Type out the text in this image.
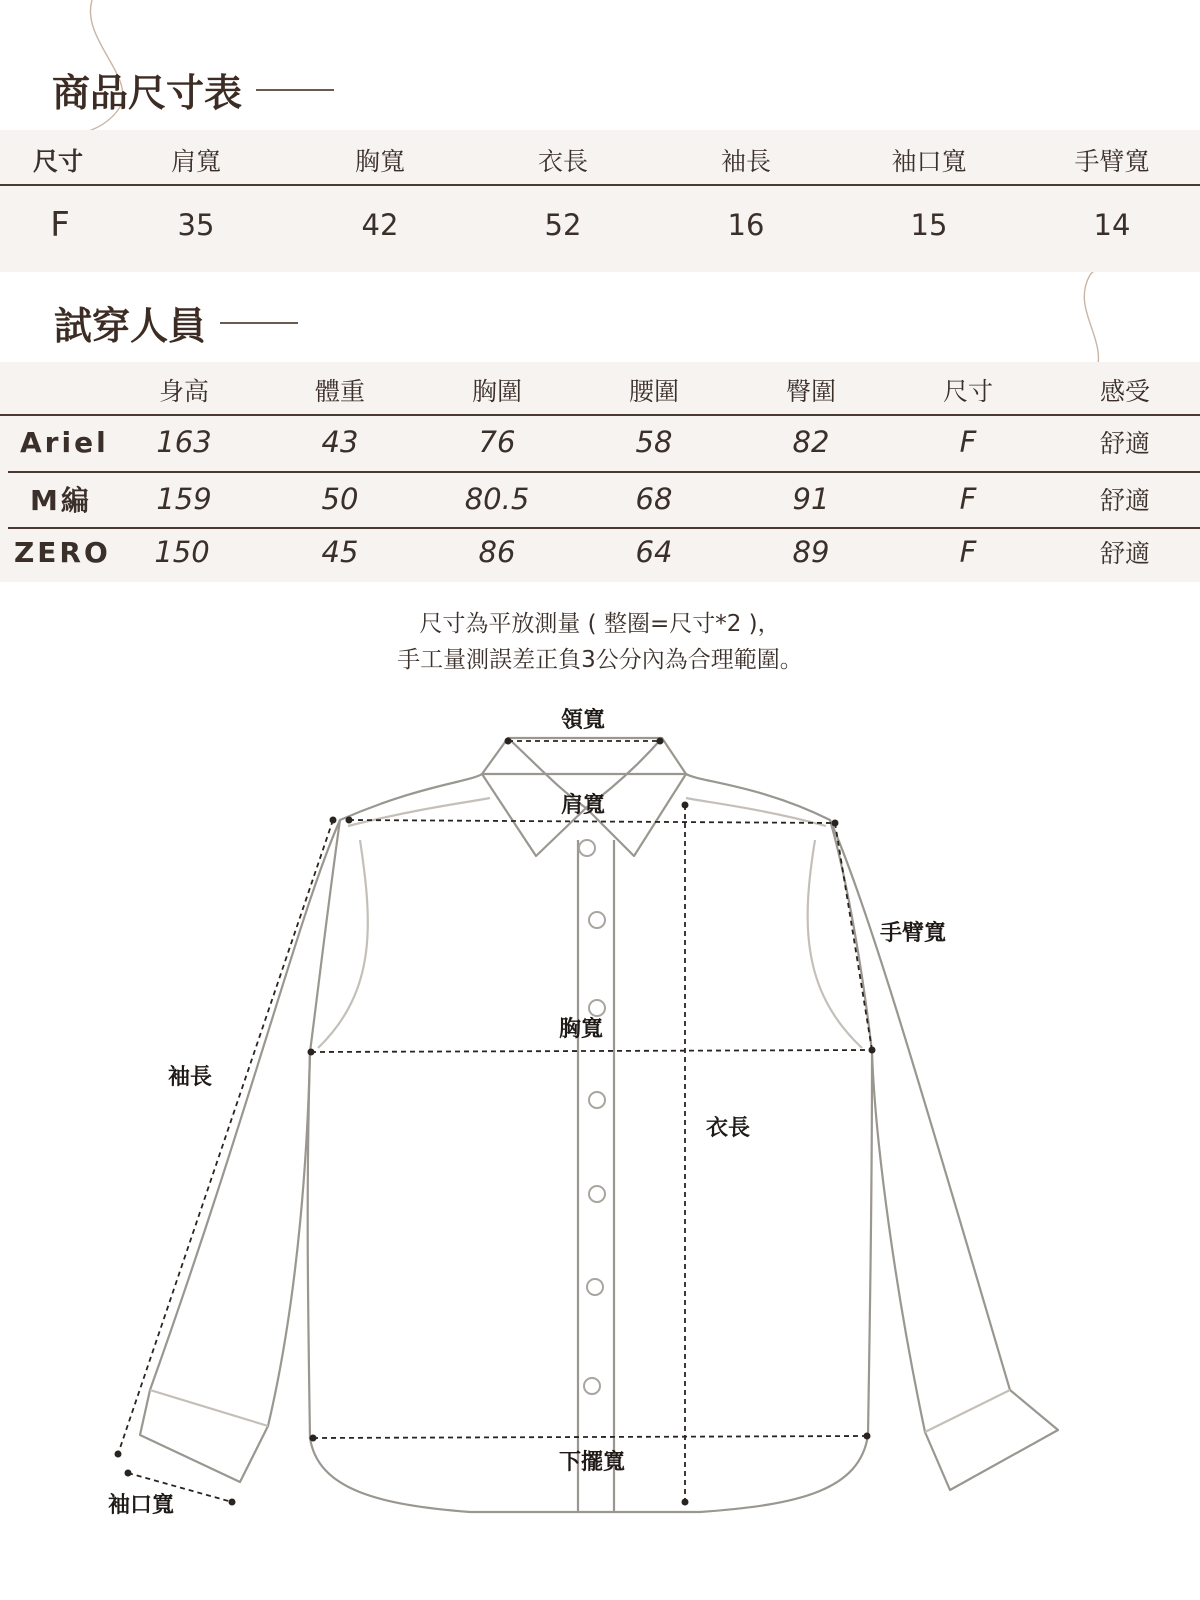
商品尺寸表
尺寸	肩寬	胸寬	衣長	袖長	袖口寬	手臂寬
F	35	42	52	16	15	14
試穿人員
身高	體重	胸圍	腰圍	臀圍	尺寸	感受
Ariel 163	43	76	58	82	F	舒適
M編 159	50	80.5	68	91	F	舒適
ZERO 150	45	86	64	89	F	舒適
尺寸為平放測量 ( 整圈=尺寸*2 )，
手工量測誤差正負3公分內為合理範圍。
領寬
肩寬
手臂寬
胸寬
袖長
衣長
下擺寬
袖口寬
